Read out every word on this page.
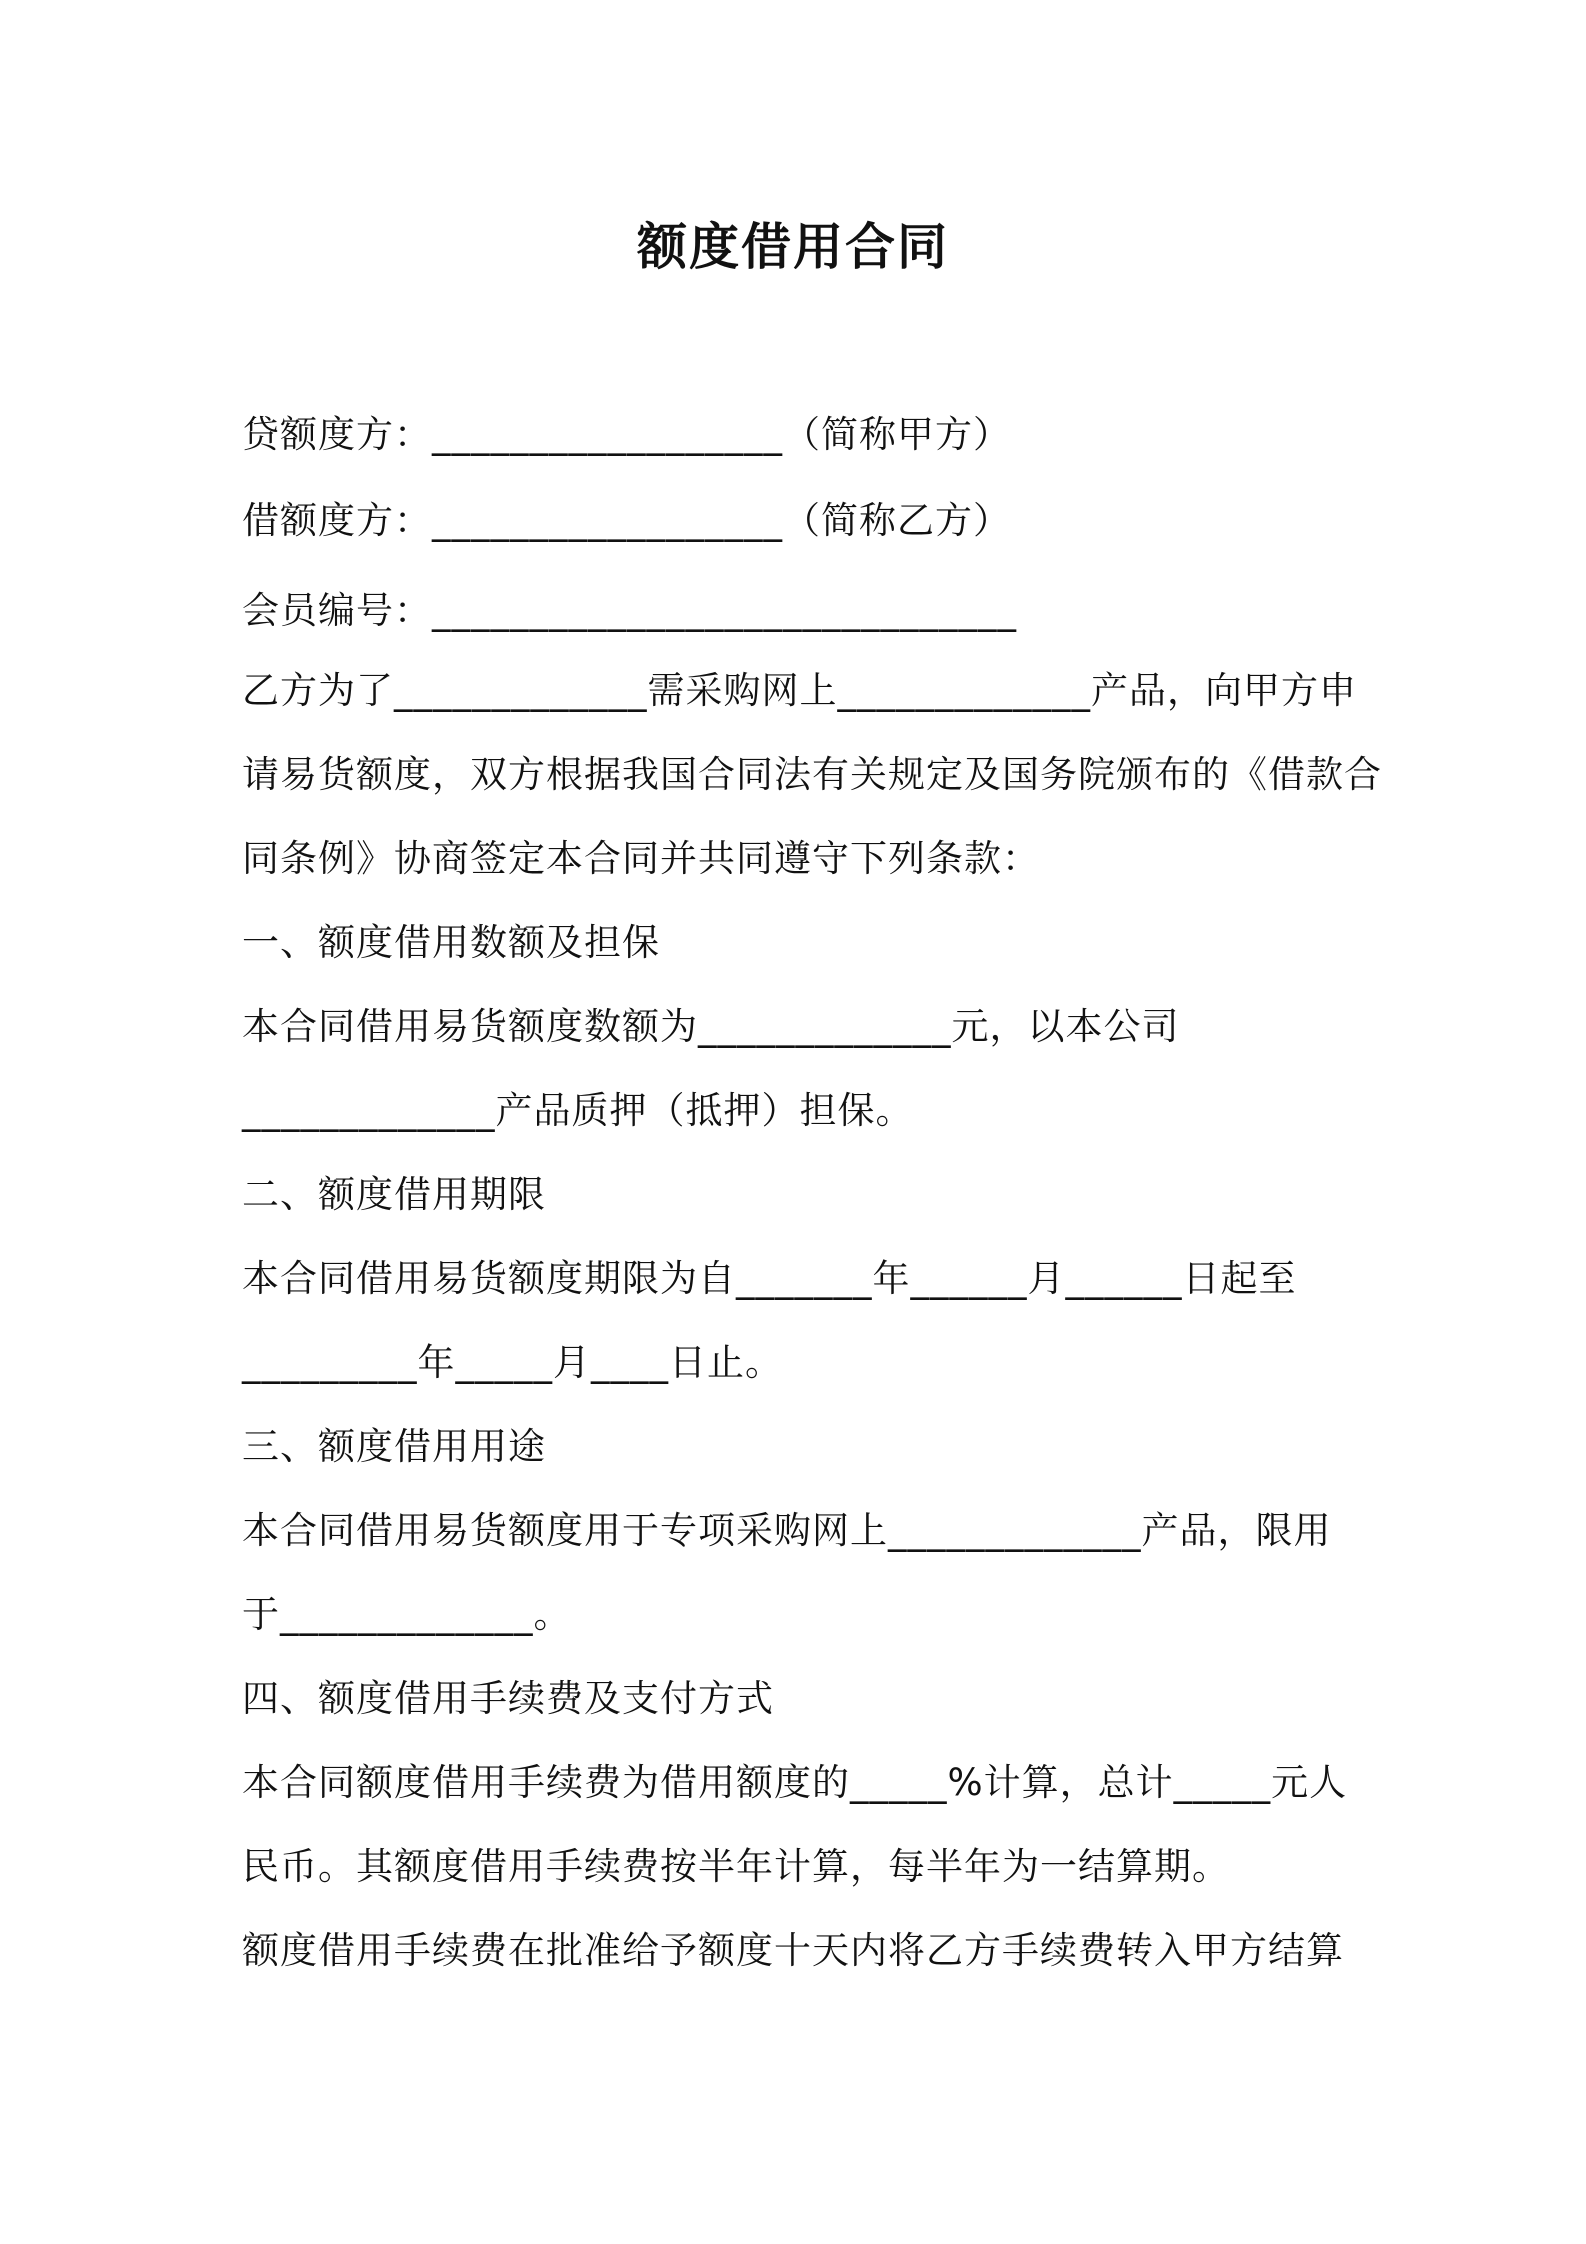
额度借用合同
贷额度方：__________________（简称甲方）
借额度方：__________________（简称乙方）
会员编号：______________________________
乙方为了_____________需采购网上_____________产品，向甲方申
请易货额度，双方根据我国合同法有关规定及国务院颁布的《借款合
同条例》协商签定本合同并共同遵守下列条款：
一、额度借用数额及担保
本合同借用易货额度数额为_____________元，以本公司
_____________产品质押（抵押）担保。
二、额度借用期限
本合同借用易货额度期限为自_______年______月______日起至
_________年_____月____日止。
三、额度借用用途
本合同借用易货额度用于专项采购网上_____________产品，限用
于_____________。
四、额度借用手续费及支付方式
本合同额度借用手续费为借用额度的_____%计算，总计_____元人
民币。其额度借用手续费按半年计算，每半年为一结算期。
额度借用手续费在批准给予额度十天内将乙方手续费转入甲方结算
